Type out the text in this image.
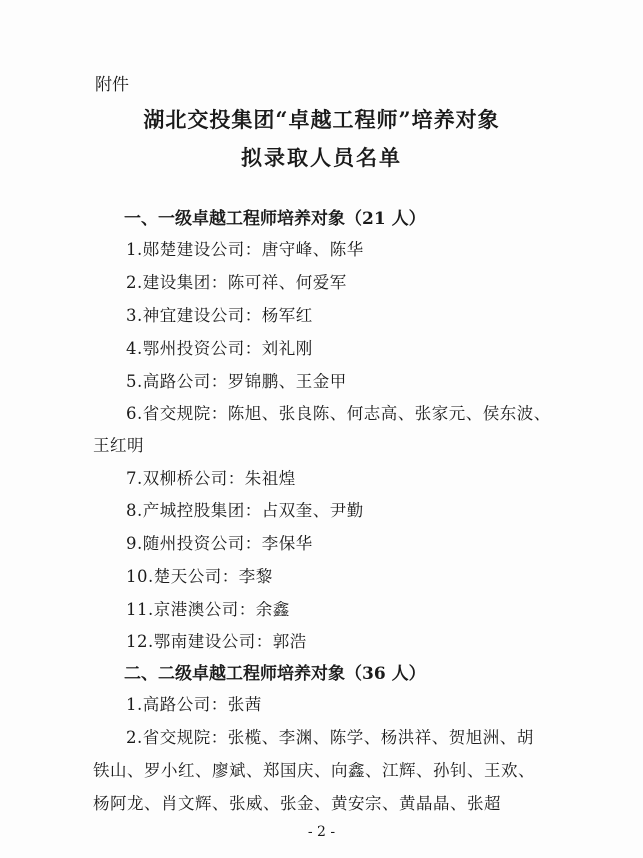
附件
湖北交投集团“卓越工程师”培养对象
拟录取人员名单
一、一级卓越工程师培养对象（21 人）
1.郧楚建设公司：唐守峰、陈华
2.建设集团：陈可祥、何爱军
3.神宜建设公司：杨军红
4.鄂州投资公司：刘礼刚
5.高路公司：罗锦鹏、王金甲
6.省交规院：陈旭、张良陈、何志高、张家元、侯东波、
王红明
7.双柳桥公司：朱祖煌
8.产城控股集团：占双奎、尹勤
9.随州投资公司：李保华
10.楚天公司：李黎
11.京港澳公司：余鑫
12.鄂南建设公司：郭浩
二、二级卓越工程师培养对象（36 人）
1.高路公司：张茜
2.省交规院：张榄、李渊、陈学、杨洪祥、贺旭洲、胡
铁山、罗小红、廖斌、郑国庆、向鑫、江辉、孙钊、王欢、
杨阿龙、肖文辉、张威、张金、黄安宗、黄晶晶、张超
- 2 -
